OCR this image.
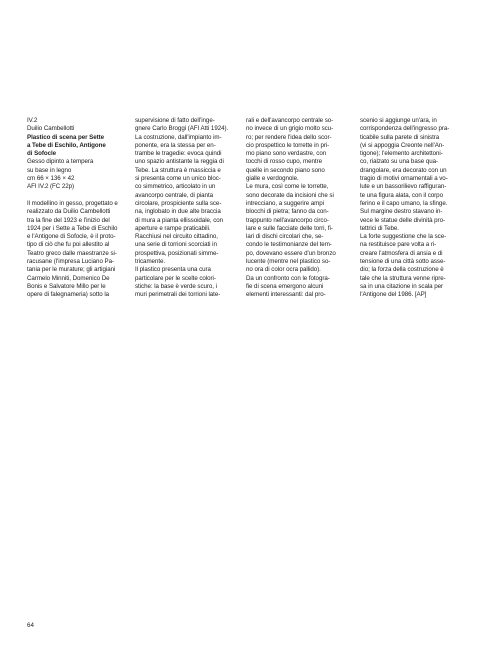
IV.2
Duilio Cambellotti
Plastico di scena per Sette
a Tebe di Eschilo, Antigone
di Sofocle
Gesso dipinto a tempera
su base in legno
cm 66 × 136 × 42
AFI IV.2 (FC 22p)
Il modellino in gesso, progettato e
realizzato da Duilio Cambellotti
tra la fine del 1923 e l'inizio del
1924 per i Sette a Tebe di Eschilo
e l'Antigone di Sofocle, è il proto-
tipo di ciò che fu poi allestito al
Teatro greco dalle maestranze si-
racusane (l'impresa Luciano Pa-
tania per le murature; gli artigiani
Carmelo Minniti, Domenico De
Bonis e Salvatore Millo per le
opere di falegnameria) sotto la
supervisione di fatto dell'inge-
gnere Carlo Broggi (AFI Atti 1924).
La costruzione, dall'impianto im-
ponente, era la stessa per en-
trambe le tragedie: evoca quindi
uno spazio antistante la reggia di
Tebe. La struttura è massiccia e
si presenta come un unico bloc-
co simmetrico, articolato in un
avancorpo centrale, di pianta
circolare, prospiciente sulla sce-
na, inglobato in due alte braccia
di mura a pianta ellissoidale, con
aperture e rampe praticabili.
Racchiusi nel circuito cittadino,
una serie di torrioni scorciati in
prospettiva, posizionati simme-
tricamente.
Il plastico presenta una cura
particolare per le scelte colori-
stiche: la base è verde scuro, i
muri perimetrali dei torrioni late-
rali e dell'avancorpo centrale so-
no invece di un grigio molto scu-
ro; per rendere l'idea dello scor-
cio prospettico le torrette in pri-
mo piano sono verdastre, con
tocchi di rosso cupo, mentre
quelle in secondo piano sono
gialle e verdognole.
Le mura, così come le torrette,
sono decorate da incisioni che si
intrecciano, a suggerire ampi
blocchi di pietra; fanno da con-
trappunto nell'avancorpo circo-
lare e sulle facciate delle torri, fi-
lari di dischi circolari che, se-
condo le testimonianze del tem-
po, dovevano essere d'un bronzo
lucente (mentre nel plastico so-
no ora di color ocra pallido).
Da un confronto con le fotogra-
fie di scena emergono alcuni
elementi interessanti: dal pro-
scenio si aggiunge un'ara, in
corrispondenza dell'ingresso pra-
ticabile sulla parete di sinistra
(vi si appoggia Creonte nell'An-
tigone); l'elemento architettoni-
co, rialzato su una base qua-
drangolare, era decorato con un
tragio di motivi ornamentali a vo-
lute e un bassorilievo raffiguran-
te una figura alata, con il corpo
ferino e il capo umano, la sfinge.
Sul margine destro stavano in-
vece le statue delle divinità pro-
tettrici di Tebe.
La forte suggestione che la sce-
na restituisce pare volta a ri-
creare l'atmosfera di ansia e di
tensione di una città sotto asse-
dio; la forza della costruzione è
tale che la struttura venne ripre-
sa in una citazione in scala per
l'Antigone del 1986. [AP]
64
